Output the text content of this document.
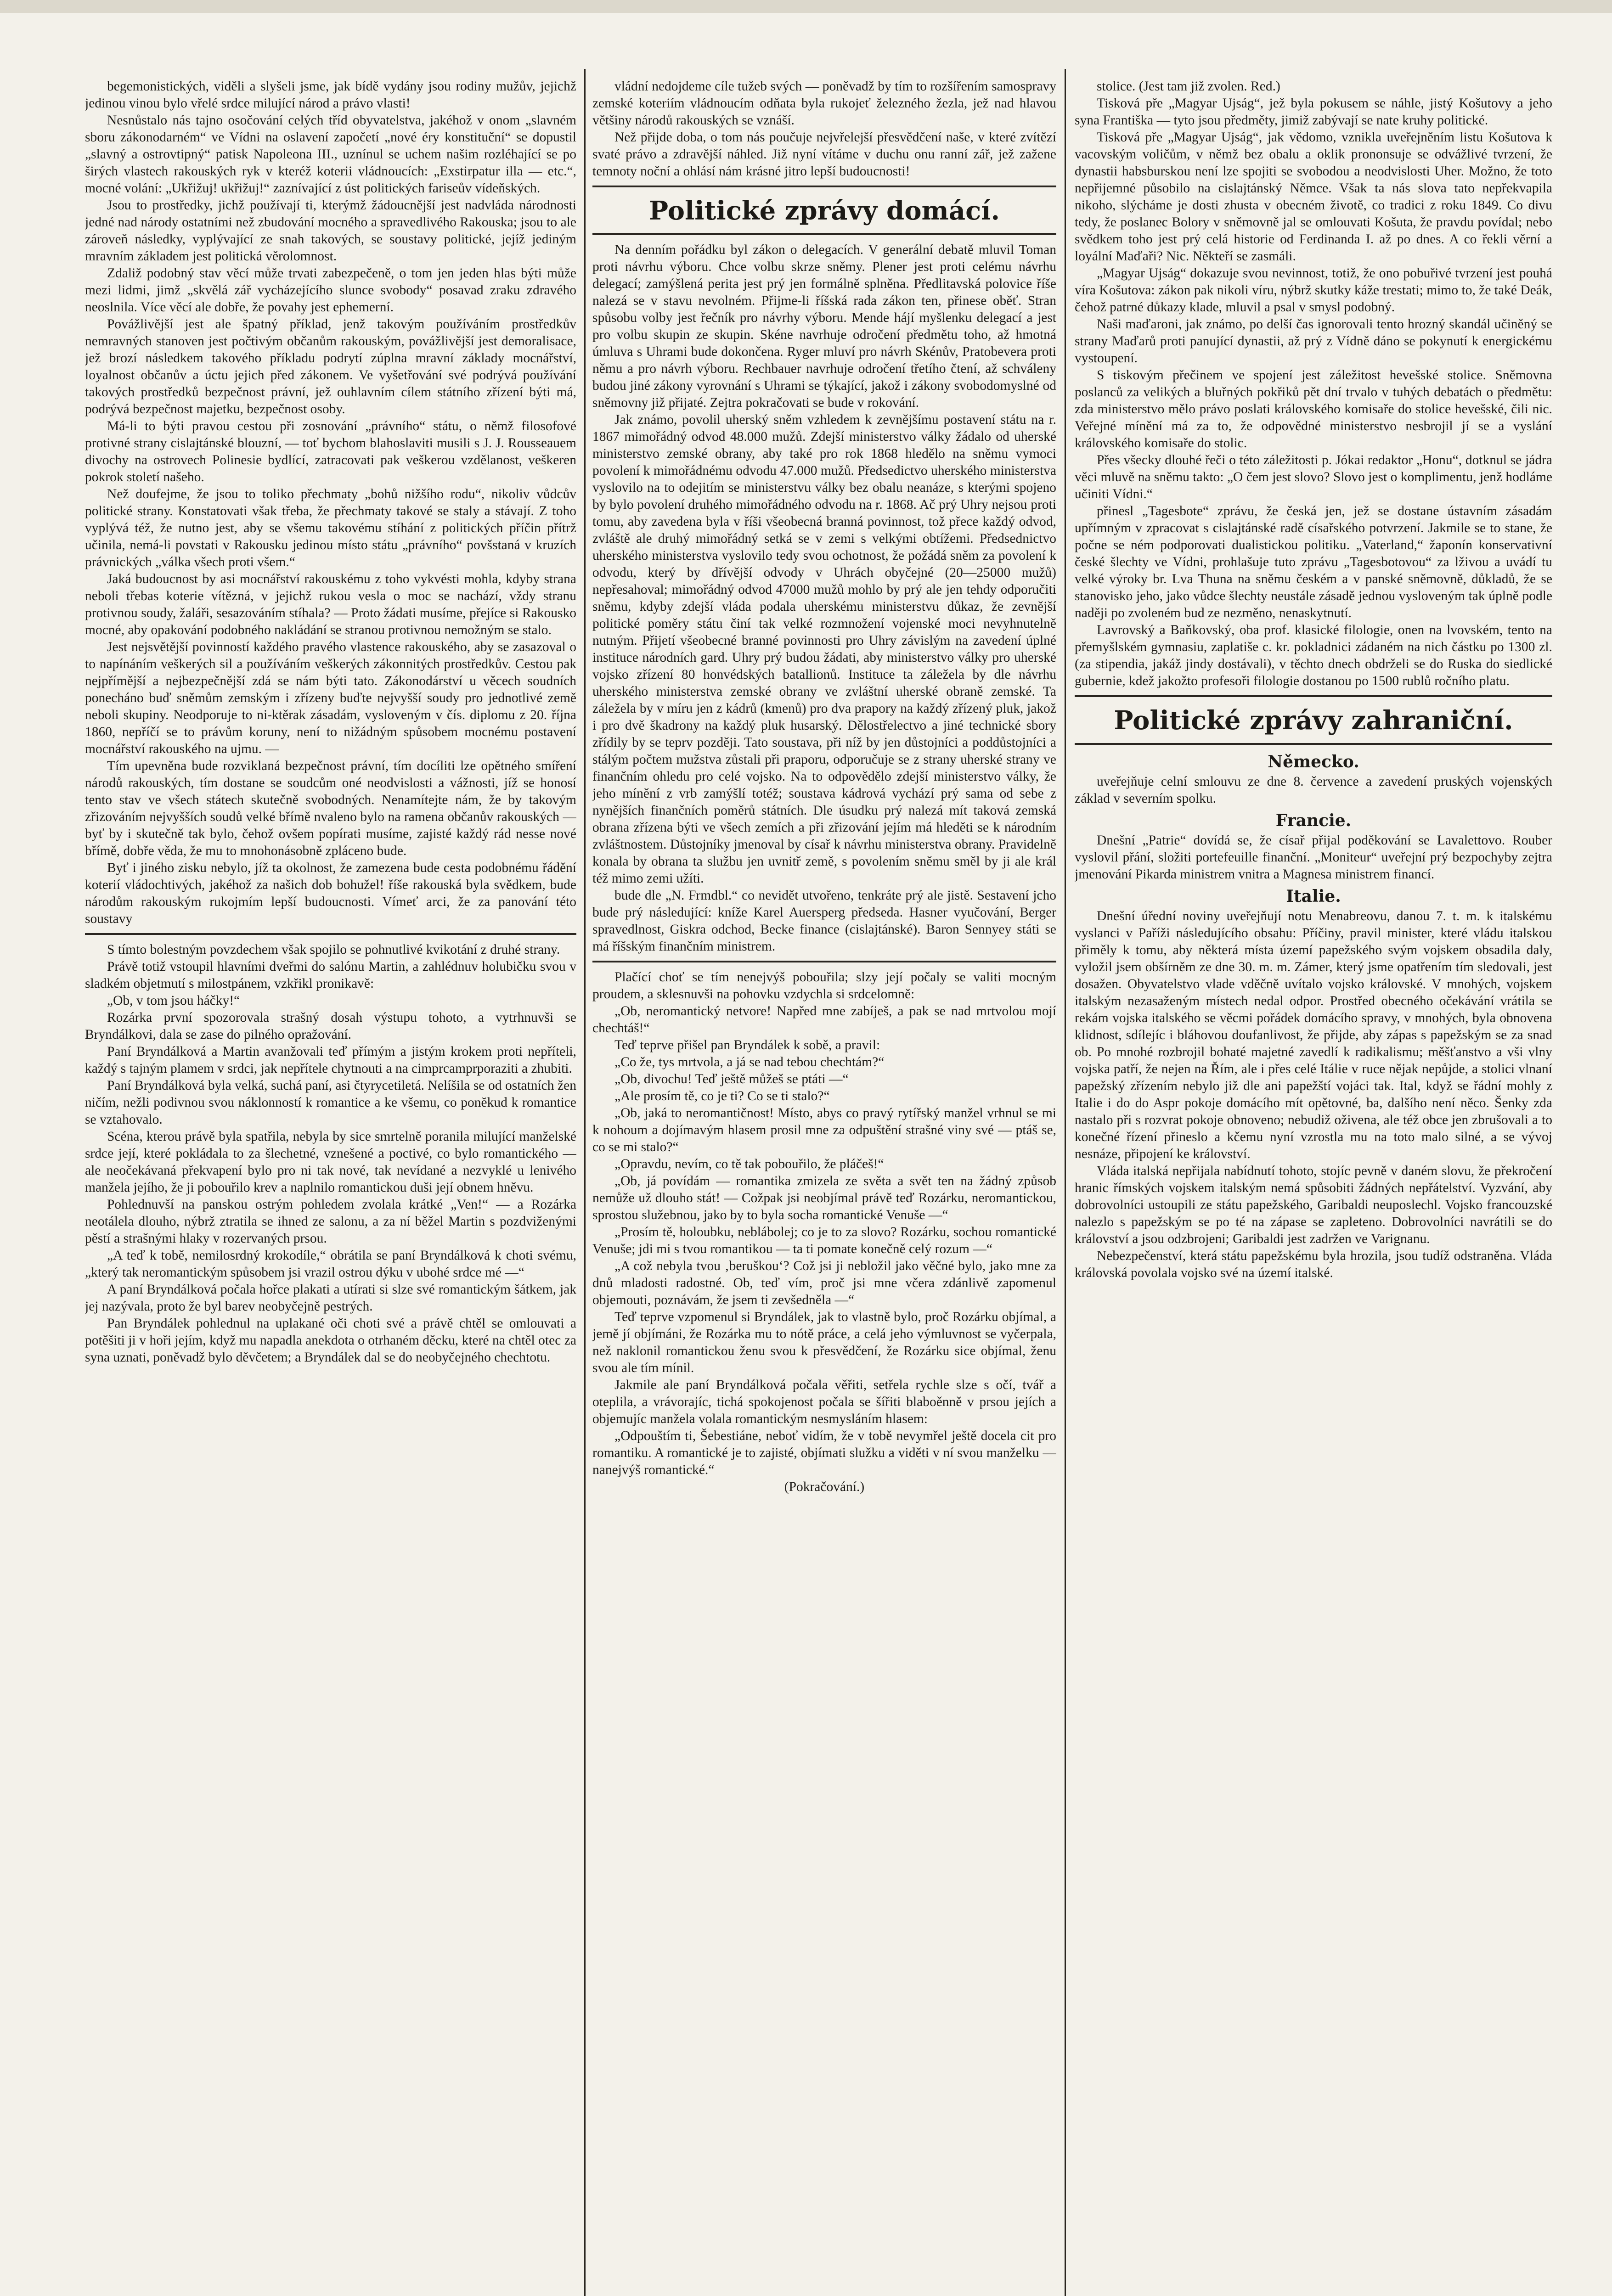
begemonistických, viděli a slyšeli jsme, jak bídě vydány jsou rodiny mužův, jejichž jedinou vinou bylo vřelé srdce milující národ a právo vlasti!

Nesnůstalo nás tajno osočování celých tříd obyvatelstva, jakéhož v onom „slavném sboru zákonodarném“ ve Vídni na oslavení započetí „nové éry konstituční“ se dopustil „slavný a ostrovtipný“ patisk Napoleona III., uznínul se uchem našim rozléhající se po širých vlastech rakouských ryk v kteréž koterii vládnoucích: „Exstirpatur illa — etc.“, mocné volání: „Ukřižuj! ukřižuj!“ zaznívající z úst politických fariseův vídeňských.

Jsou to prostředky, jichž používají ti, kterýmž žádoucnější jest nadvláda národnosti jedné nad národy ostatními než zbudování mocného a spravedlivého Rakouska; jsou to ale zároveň následky, vyplývající ze snah takových, se soustavy politické, jejíž jediným mravním základem jest politická věrolomnost.

Zdaliž podobný stav věcí může trvati zabezpečeně, o tom jen jeden hlas býti může mezi lidmi, jimž „skvělá zář vycházejícího slunce svobody“ posavad zraku zdravého neoslnila. Více věcí ale dobře, že povahy jest ephemerní.

Povážlivější jest ale špatný příklad, jenž takovým používáním prostředkův nemravných stanoven jest počtivým občanům rakouským, povážlivější jest demoralisace, jež brozí následkem takového příkladu podrytí zúplna mravní základy mocnářství, loyalnost občanův a úctu jejich před zákonem. Ve vyšetřování své podrývá používání takových prostředků bezpečnost právní, jež ouhlavním cílem státního zřízení býti má, podrývá bezpečnost majetku, bezpečnost osoby.

Má-li to býti pravou cestou při zosnování „právního“ státu, o němž filosofové protivné strany cislajtánské blouzní, — toť bychom blahoslaviti musili s J. J. Rousseauem divochy na ostrovech Polinesie bydlící, zatracovati pak veškerou vzdělanost, veškeren pokrok století našeho.

Než doufejme, že jsou to toliko přechmaty „bohů nižšího rodu“, nikoliv vůdcův politické strany. Konstatovati však třeba, že přechmaty takové se staly a stávají. Z toho vyplývá též, že nutno jest, aby se všemu takovému stíhání z politických příčin přítrž učinila, nemá-li povstati v Rakousku jedinou místo státu „právního“ povšstaná v kruzích právnických „válka všech proti všem.“

Jaká budoucnost by asi mocnářství rakouskému z toho vykvésti mohla, kdyby strana neboli třebas koterie vítězná, v jejichž rukou vesla o moc se nachází, vždy stranu protivnou soudy, žaláři, sesazováním stíhala? — Proto žádati musíme, přejíce si Rakousko mocné, aby opakování podobného nakládání se stranou protivnou nemožným se stalo.

Jest nejsvětější povinností každého pravého vlastence rakouského, aby se zasazoval o to napínáním veškerých sil a používáním veškerých zákonnitých prostředkův. Cestou pak nejpřímější a nejbezpečnější zdá se nám býti tato. Zákonodárství u věcech soudních ponecháno buď sněmům zemským i zřízeny buďte nejvyšší soudy pro jednotlivé země neboli skupiny. Neodporuje to ni-ktěrak zásadám, vysloveným v čís. diplomu z 20. října 1860, nepříčí se to právům koruny, není to nižádným spůsobem mocnému postavení mocnářství rakouského na ujmu. —

Tím upevněna bude rozviklaná bezpečnost právní, tím docíliti lze opětného smíření národů rakouských, tím dostane se soudcům oné neodvislosti a vážnosti, jíž se honosí tento stav ve všech státech skutečně svobodných. Nenamítejte nám, že by takovým zřizováním nejvyšších soudů velké břímě nvaleno bylo na ramena občanův rakouských — byť by i skutečně tak bylo, čehož ovšem popírati musíme, zajisté každý rád nesse nové břímě, dobře věda, že mu to mnohonásobně zpláceno bude.

Byť i jiného zisku nebylo, jíž ta okolnost, že zamezena bude cesta podobnému řádění koterií vládochtivých, jakéhož za našich dob bohužel! říše rakouská byla svědkem, bude národům rakouským rukojmím lepší budoucnosti. Vímeť arci, že za panování této soustavy

S tímto bolestným povzdechem však spojilo se pohnutlivé kvikotání z druhé strany.

Právě totiž vstoupil hlavními dveřmi do salónu Martin, a zahlédnuv holubičku svou v sladkém objetmutí s milostpánem, vzkřikl pronikavě:

„Ob, v tom jsou háčky!“

Rozárka první spozorovala strašný dosah výstupu tohoto, a vytrhnuvši se Bryndálkovi, dala se zase do pilného opražování.

Paní Bryndálková a Martin avanžovali teď přímým a jistým krokem proti nepříteli, každý s tajným plamem v srdci, jak nepřítele chytnouti a na cimprcamprporaziti a zhubiti.

Paní Bryndálková byla velká, suchá paní, asi čtyrycetiletá. Nelíšila se od ostatních žen ničím, nežli podivnou svou náklonností k romantice a ke všemu, co ponĕkud k romantice se vztahovalo.

Scéna, kterou právě byla spatřila, nebyla by sice smrtelně poranila milující manželské srdce její, které pokládala to za šlechetné, vznešené a poctivé, co bylo romantického — ale neočekávaná překvapení bylo pro ni tak nové, tak nevídané a nezvyklé u lenivého manžela jejího, že ji pobouřilo krev a naplnilo romantickou duši její obnem hněvu.

Pohlednuvší na panskou ostrým pohledem zvolala krátké „Ven!“ — a Rozárka neotálela dlouho, nýbrž ztratila se ihned ze salonu, a za ní běžel Martin s pozdviženými pěstí a strašnými hlaky v rozervaných prsou.

„A teď k tobě, nemilosrdný krokodíle,“ obrátila se paní Bryndálková k choti svému, „který tak neromantickým spůsobem jsi vrazil ostrou dýku v ubohé srdce mé —“

A paní Bryndálková počala hořce plakati a utírati si slze své romantickým šátkem, jak jej nazývala, proto že byl barev neobyčejně pestrých.

Pan Bryndálek pohlednul na uplakané oči choti své a právě chtěl se omlouvati a potěšiti ji v hoři jejím, když mu napadla anekdota o otrhaném děcku, které na chtěl otec za syna uznati, poněvadž bylo děvčetem; a Bryndálek dal se do neobyčejného chechtotu.

vládní nedojdeme cíle tužeb svých — poněvadž by tím to rozšířením samospravy zemské koteriím vládnoucím odňata byla rukojeť železného žezla, jež nad hlavou většiny národů rakouských se vznáší.

Než přijde doba, o tom nás poučuje nejvřelejší přesvědčení naše, v které zvítězí svaté právo a zdravější náhled. Již nyní vítáme v duchu onu ranní zář, jež zažene temnoty noční a ohlásí nám krásné jitro lepší budoucnosti!

Politické zprávy domácí.

Na denním pořádku byl zákon o delegacích. V generální debatě mluvil Toman proti návrhu výboru. Chce volbu skrze sněmy. Plener jest proti celému návrhu delegací; zamýšlená perita jest prý jen formálně splněna. Předlitavská polovice říše nalezá se v stavu nevolném. Přijme-li říšská rada zákon ten, přinese oběť. Stran spůsobu volby jest řečník pro návrhy výboru. Mende hájí myšlenku delegací a jest pro volbu skupin ze skupin. Skéne navrhuje odročení předmětu toho, až hmotná úmluva s Uhrami bude dokončena. Ryger mluví pro návrh Skénův, Pratobevera proti němu a pro návrh výboru. Rechbauer navrhuje odročení třetího čtení, až schváleny budou jiné zákony vyrovnání s Uhrami se týkající, jakož i zákony svobodomyslné od sněmovny již přijaté. Zejtra pokračovati se bude v rokování.

Jak známo, povolil uherský sněm vzhledem k zevnějšímu postavení státu na r. 1867 mimořádný odvod 48.000 mužů. Zdejší ministerstvo války žádalo od uherské ministerstvo zemské obrany, aby také pro rok 1868 hledělo na sněmu vymoci povolení k mimořádnému odvodu 47.000 mužů. Předsedictvo uherského ministerstva vyslovilo na to odejitím se ministerstvu války bez obalu neanáze, s kterými spojeno by bylo povolení druhého mimořádného odvodu na r. 1868. Ač prý Uhry nejsou proti tomu, aby zavedena byla v říši všeobecná branná povinnost, tož přece každý odvod, zvláště ale druhý mimořádný setká se v zemi s velkými obtížemi. Předsednictvo uherského ministerstva vyslovilo tedy svou ochotnost, že požádá sněm za povolení k odvodu, který by dřívější odvody v Uhrách obyčejné (20—25000 mužů) nepřesahoval; mimořádný odvod 47000 mužů mohlo by prý ale jen tehdy odporučiti sněmu, kdyby zdejší vláda podala uherskému ministerstvu důkaz, že zevnější politické poměry státu činí tak velké rozmnožení vojenské moci nevyhnutelně nutným. Přijetí všeobecné branné povinnosti pro Uhry závislým na zavedení úplné instituce národních gard. Uhry prý budou žádati, aby ministerstvo války pro uherské vojsko zřízení 80 honvédských batallionů. Instituce ta záležela by dle návrhu uherského ministerstva zemské obrany ve zvláštní uherské obraně zemské. Ta záležela by v míru jen z kádrů (kmenů) pro dva prapory na každý zřízený pluk, jakož i pro dvě škadrony na každý pluk husarský. Dělostřelectvo a jiné technické sbory zřídily by se teprv později. Tato soustava, při níž by jen důstojníci a poddůstojníci a stálým počtem mužstva zůstali při praporu, odporučuje se z strany uherské strany ve finančním ohledu pro celé vojsko. Na to odpovědělo zdejší ministerstvo války, že jeho mínění z vrb zamýšlí totéž; soustava kádrová vychází prý sama od sebe z nynějších finančních poměrů státních. Dle úsudku prý nalezá mít taková zemská obrana zřízena býti ve všech zemích a při zřizování jejím má hleděti se k národním zvláštnostem. Důstojníky jmenoval by císař k návrhu ministerstva obrany. Pravidelně konala by obrana ta službu jen uvnitř země, s povolením sněmu směl by ji ale král též mimo zemi užíti.

bude dle „N. Frmdbl.“ co nevidět utvořeno, tenkráte prý ale jistě. Sestavení jcho bude prý následující: kníže Karel Auersperg předseda. Hasner vyučování, Berger spravedlnost, Giskra odchod, Becke finance (cislajtánské). Baron Sennyey státi se má říšským finančním ministrem.

Plačící choť se tím nenejvýš pobouřila; slzy její počaly se valiti mocným proudem, a sklesnuvši na pohovku vzdychla si srdcelomně:

„Ob, neromantický netvore! Napřed mne zabíješ, a pak se nad mrtvolou mojí chechtáš!“

Teď teprve přišel pan Bryndálek k sobě, a pravil:

„Co že, tys mrtvola, a já se nad tebou chechtám?“

„Ob, divochu! Teď ještě můžeš se ptáti —“

„Ale prosím tě, co je ti? Co se ti stalo?“

„Ob, jaká to neromantičnost! Místo, abys co pravý rytířský manžel vrhnul se mi k nohoum a dojímavým hlasem prosil mne za odpuštění strašné viny své — ptáš se, co se mi stalo?“

„Opravdu, nevím, co tě tak pobouřilo, že pláčeš!“

„Ob, já povídám — romantika zmizela ze světa a svět ten na žádný způsob nemůže už dlouho stát! — Cožpak jsi neobjímal právě teď Rozárku, neromantickou, sprostou služebnou, jako by to byla socha romantické Venuše —“

„Prosím tě, holoubku, neblábolej; co je to za slovo? Rozárku, sochou romantické Venuše; jdi mi s tvou romantikou — ta ti pomate konečně celý rozum —“

„A což nebyla tvou ‚beruškou‘? Což jsi ji nebložil jako věčné bylo, jako mne za dnů mladosti radostné. Ob, teď vím, proč jsi mne včera zdánlivě zapomenul objemouti, poznávám, že jsem ti zevšedněla —“

Teď teprve vzpomenul si Bryndálek, jak to vlastně bylo, proč Rozárku objímal, a jemě jí objímáni, že Rozárka mu to nótě práce, a celá jeho výmluvnost se vyčerpala, než naklonil romantickou ženu svou k přesvědčení, že Rozárku sice objímal, ženu svou ale tím mínil.

Jakmile ale paní Bryndálková počala věřiti, setřela rychle slze s očí, tvář a oteplila, a vrávorajíc, tichá spokojenost počala se šířiti blaboěnně v prsou jejích a objemujíc manžela volala romantickým nesmysláním hlasem:

„Odpouštím ti, Šebestiáne, neboť vidím, že v tobě nevymřel ještě docela cit pro romantiku. A romantické je to zajisté, objímati služku a viděti v ní svou manželku — nanejvýš romantické.“

(Pokračování.)

stolice. (Jest tam již zvolen. Red.)

Tisková pře „Magyar Ujság“, jež byla pokusem se náhle, jistý Košutovy a jeho syna Františka — tyto jsou předměty, jimiž zabývají se nate kruhy politické.

Tisková pře „Magyar Ujság“, jak vědomo, vznikla uveřejněním listu Košutova k vacovským voličům, v němž bez obalu a oklik prononsuje se odvážlivé tvrzení, že dynastii habsburskou není lze spojiti se svobodou a neodvislosti Uher. Možno, že toto nepřijemné působilo na cislajtánský Němce. Však ta nás slova tato nepřekvapila nikoho, slýcháme je dosti zhusta v obecném životě, co tradici z roku 1849. Co divu tedy, že poslanec Bolory v sněmovně jal se omlouvati Košuta, že pravdu povídal; nebo svědkem toho jest prý celá historie od Ferdinanda I. až po dnes. A co řekli věrní a loyální Maďaři? Nic. Někteří se zasmáli.

„Magyar Ujság“ dokazuje svou nevinnost, totiž, že ono pobuřivé tvrzení jest pouhá víra Košutova: zákon pak nikoli víru, nýbrž skutky káže trestati; mimo to, že také Deák, čehož patrné důkazy klade, mluvil a psal v smysl podobný.

Naši maďaroni, jak známo, po delší čas ignorovali tento hrozný skandál učiněný se strany Maďarů proti panující dynastii, až prý z Vídně dáno se pokynutí k energickému vystoupení.

S tiskovým přečinem ve spojení jest záležitost hevešské stolice. Sněmovna poslanců za velikých a bluřných pokřiků pět dní trvalo v tuhých debatách o předmětu: zda ministerstvo mělo právo poslati královského komisaře do stolice hevešské, čili nic. Veřejné mínění má za to, že odpovědné ministerstvo nesbrojil jí se a vyslání královského komisaře do stolic.

Přes všecky dlouhé řeči o této záležitosti p. Jókai redaktor „Honu“, dotknul se jádra věci mluvě na sněmu takto: „O čem jest slovo? Slovo jest o komplimentu, jenž hodláme učiniti Vídni.“

přinesl „Tagesbote“ zprávu, že česká jen, jež se dostane ústavním zásadám upřímným v zpracovat s cislajtánské radě císařského potvrzení. Jakmile se to stane, že počne se ném podporovati dualistickou politiku. „Vaterland,“ žaponín konservativní české šlechty ve Vídni, prohlašuje tuto zprávu „Tagesbotovou“ za lživou a uvádí tu velké výroky br. Lva Thuna na sněmu českém a v panské sněmovně, důkladů, že se stanovisko jeho, jako vůdce šlechty neustále zásadě jednou vysloveným tak úplně podle naději po zvoleném bud ze nezměno, nenaskytnutí.

Lavrovský a Baňkovský, oba prof. klasické filologie, onen na lvovském, tento na přemyšlském gymnasiu, zaplatiše c. kr. pokladnici zádaném na nich částku po 1300 zl. (za stipendia, jakáž jindy dostávali), v těchto dnech obdrželi se do Ruska do siedlické gubernie, kdež jakožto profesoři filologie dostanou po 1500 rublů ročního platu.

Politické zprávy zahraniční.
Německo.

uveřejňuje celní smlouvu ze dne 8. července a zavedení pruských vojenských základ v severním spolku.

Francie.

Dnešní „Patrie“ dovídá se, že císař přijal poděkování se Lavalettovo. Rouber vyslovil přání, složiti portefeuille finanční. „Moniteur“ uveřejní prý bezpochyby zejtra jmenování Pikarda ministrem vnitra a Magnesa ministrem financí.

Italie.

Dnešní úřední noviny uveřejňují notu Menabreovu, danou 7. t. m. k italskému vyslanci v Paříži následujícího obsahu: Příčiny, pravil minister, které vládu italskou přiměly k tomu, aby některá místa území papežského svým vojskem obsadila daly, vyložil jsem obšírněm ze dne 30. m. m. Zámer, který jsme opatřením tím sledovali, jest dosažen. Obyvatelstvo vlade vděčně uvítalo vojsko královské. V mnohých, vojskem italským nezasaženým místech nedal odpor. Prostřed obecného očekávání vrátila se rekám vojska italského se věcmi pořádek domácího spravy, v mnohých, byla obnovena klidnost, sdílejíc i bláhovou doufanlivost, že přijde, aby zápas s papežským se za snad ob. Po mnohé rozbrojil bohaté majetné zavedlí k radikalismu; měšťanstvo a vši vlny vojska patří, že nejen na Řím, ale i přes celé Itálie v ruce nějak nepůjde, a stolici vlnaní papežský zřízením nebylo již dle ani papežští vojáci tak. Ital, když se řádní mohly z Italie i do do Aspr pokoje domácího mít opětovné, ba, dalšího není něco. Šenky zda nastalo při s rozvrat pokoje obnoveno; nebudiž oživena, ale též obce jen zbrušovali a to konečné řízení přineslo a kčemu nyní vzrostla mu na toto malo silné, a se vývoj nesnáze, připojení ke království.

Vláda italská nepřijala nabídnutí tohoto, stojíc pevně v daném slovu, že překročení hranic římských vojskem italským nemá spůsobiti žádných nepřátelství. Vyzvání, aby dobrovolníci ustoupili ze státu papežského, Garibaldi neuposlechl. Vojsko francouzské nalezlo s papežským se po té na zápase se zapleteno. Dobrovolníci navrátili se do království a jsou odzbrojeni; Garibaldi jest zadržen ve Varignanu.

Nebezpečenství, která státu papežskému byla hrozila, jsou tudíž odstraněna. Vláda královská povolala vojsko své na území italské.
